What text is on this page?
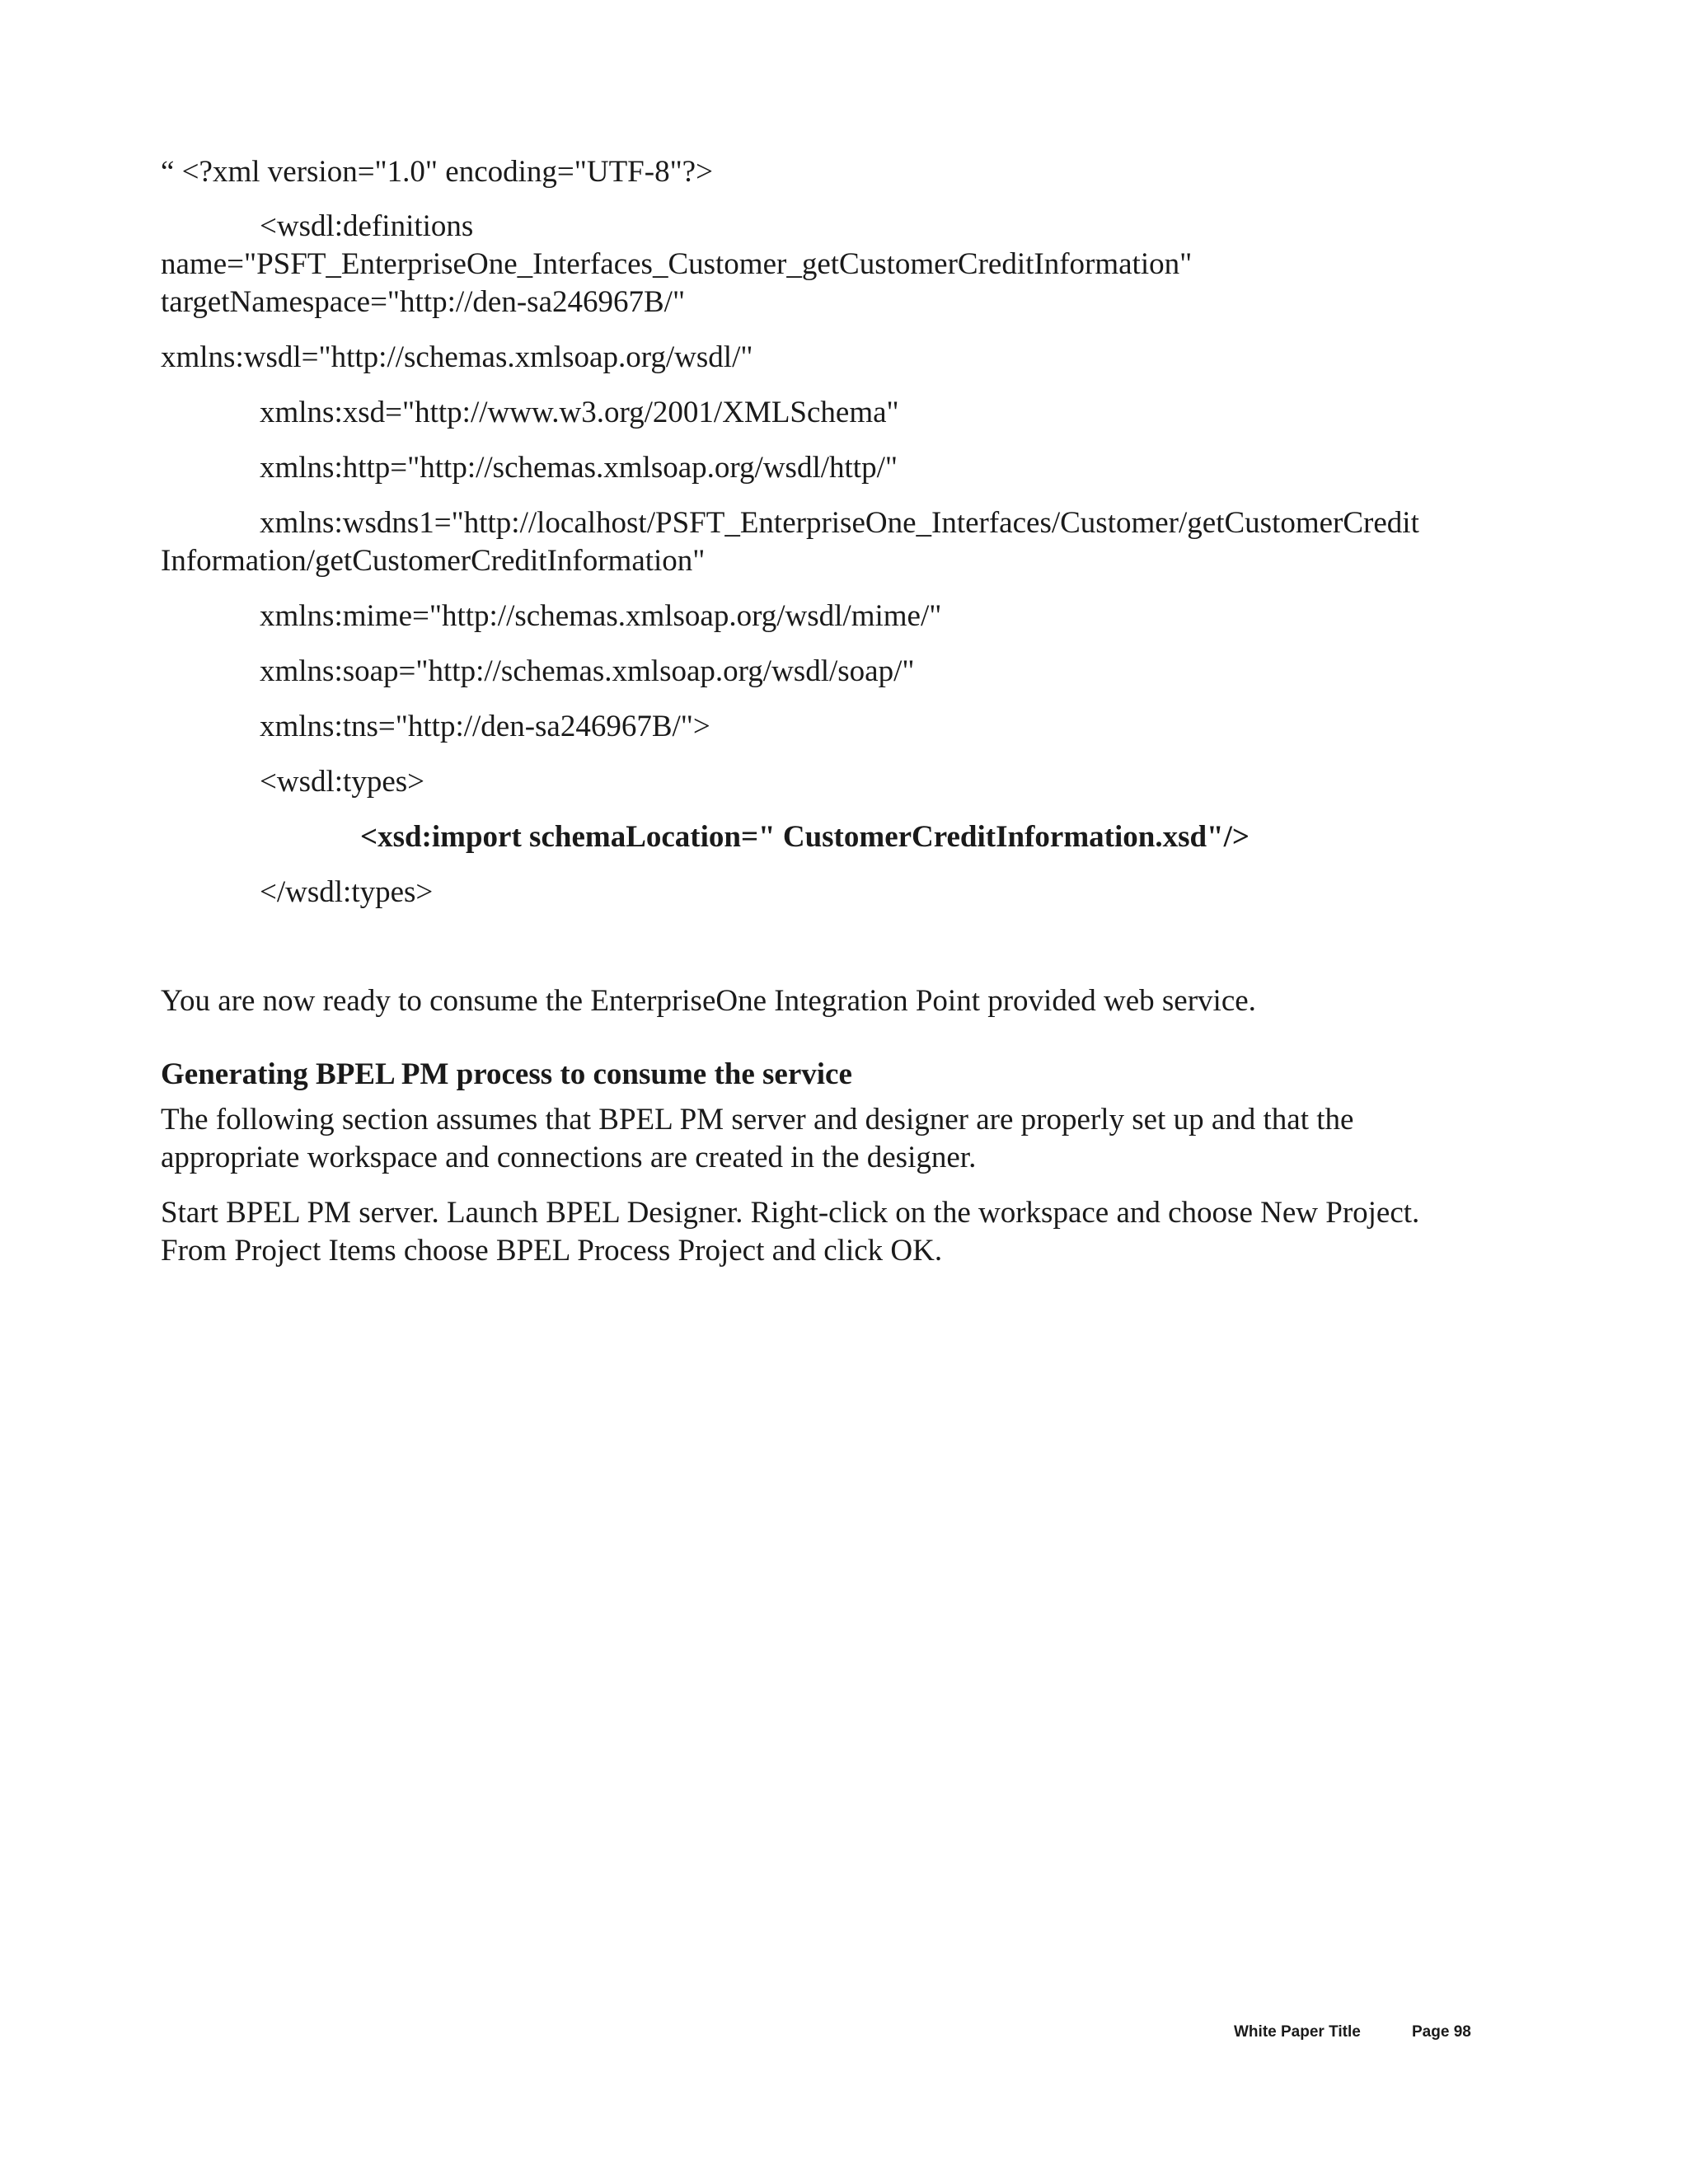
“ <?xml version="1.0" encoding="UTF-8"?>
<wsdl:definitions
name="PSFT_EnterpriseOne_Interfaces_Customer_getCustomerCreditInformation"
targetNamespace="http://den-sa246967B/"
xmlns:wsdl="http://schemas.xmlsoap.org/wsdl/"
xmlns:xsd="http://www.w3.org/2001/XMLSchema"
xmlns:http="http://schemas.xmlsoap.org/wsdl/http/"
xmlns:wsdns1="http://localhost/PSFT_EnterpriseOne_Interfaces/Customer/getCustomerCredit
Information/getCustomerCreditInformation"
xmlns:mime="http://schemas.xmlsoap.org/wsdl/mime/"
xmlns:soap="http://schemas.xmlsoap.org/wsdl/soap/"
xmlns:tns="http://den-sa246967B/">
<wsdl:types>
<xsd:import schemaLocation=" CustomerCreditInformation.xsd"/>
</wsdl:types>
You are now ready to consume the EnterpriseOne Integration Point provided web service.
Generating BPEL PM process to consume the service
The following section assumes that BPEL PM server and designer are properly set up and that the
appropriate workspace and connections are created in the designer.
Start BPEL PM server. Launch BPEL Designer. Right-click on the workspace and choose New Project.
From Project Items choose BPEL Process Project and click OK.
White Paper Title	Page 98
